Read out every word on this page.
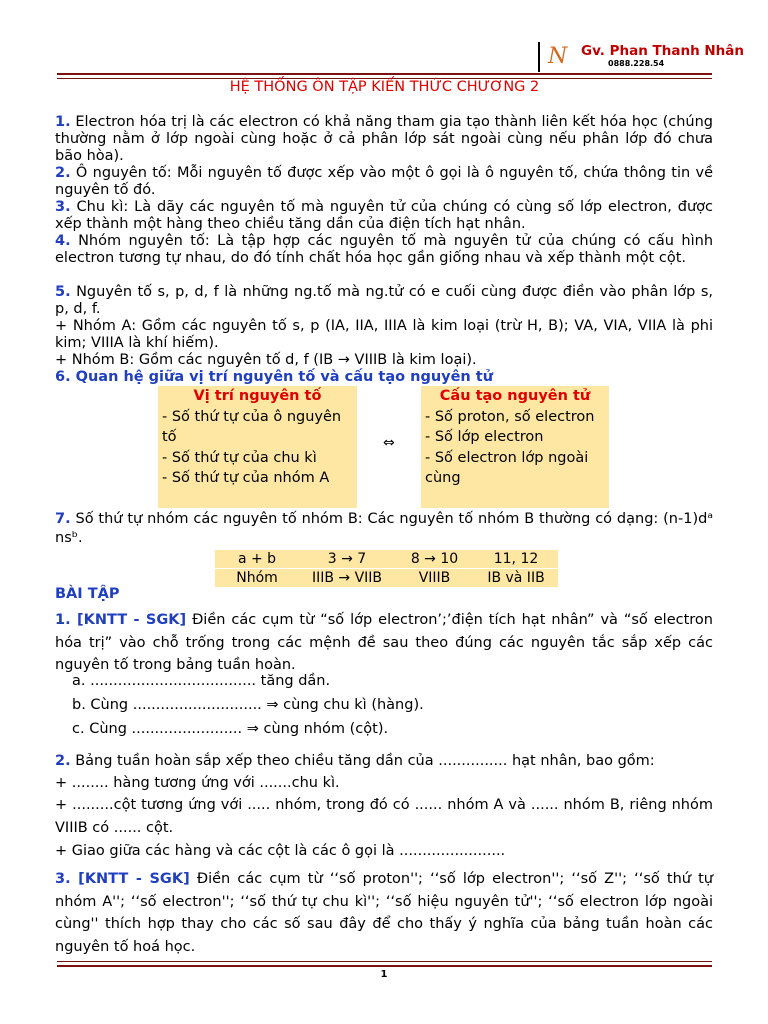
N Gv. Phan Thanh Nhân
0888.228.54
HỆ THỐNG ÔN TẬP KIẾN THỨC CHƯƠNG 2
1. Electron hóa trị là các electron có khả năng tham gia tạo thành liên kết hóa học (chúng thường nằm ở lớp ngoài cùng hoặc ở cả phân lớp sát ngoài cùng nếu phân lớp đó chưa bão hòa).
2. Ô nguyên tố: Mỗi nguyên tố được xếp vào một ô gọi là ô nguyên tố, chứa thông tin về nguyên tố đó.
3. Chu kì: Là dãy các nguyên tố mà nguyên tử của chúng có cùng số lớp electron, được xếp thành một hàng theo chiều tăng dần của điện tích hạt nhân.
4. Nhóm nguyên tố: Là tập hợp các nguyên tố mà nguyên tử của chúng có cấu hình electron tương tự nhau, do đó tính chất hóa học gần giống nhau và xếp thành một cột.
5. Nguyên tố s, p, d, f là những ng.tố mà ng.tử có e cuối cùng được điền vào phân lớp s, p, d, f.
+ Nhóm A: Gồm các nguyên tố s, p (IA, IIA, IIIA là kim loại (trừ H, B); VA, VIA, VIIA là phi kim; VIIIA là khí hiếm).
+ Nhóm B: Gồm các nguyên tố d, f (IB → VIIIB là kim loại).
6. Quan hệ giữa vị trí nguyên tố và cấu tạo nguyên tử
Vị trí nguyên tố
- Số thứ tự của ô nguyên tố
- Số thứ tự của chu kì
- Số thứ tự của nhóm A
⇔
Cấu tạo nguyên tử
- Số proton, số electron
- Số lớp electron
- Số electron lớp ngoài cùng
7. Số thứ tự nhóm các nguyên tố nhóm B: Các nguyên tố nhóm B thường có dạng: (n-1)dᵃ nsᵇ.
a + b	3 → 7	8 → 10	11, 12
Nhóm	IIIB → VIIB	VIIIB	IB và IIB
BÀI TẬP
1. [KNTT - SGK] Điền các cụm từ “số lớp electron’;’điện tích hạt nhân” và “số electron hóa trị” vào chỗ trống trong các mệnh đề sau theo đúng các nguyên tắc sắp xếp các nguyên tố trong bảng tuần hoàn.
a. .................................... tăng dần.
b. Cùng ............................ ⇒ cùng chu kì (hàng).
c. Cùng ........................ ⇒ cùng nhóm (cột).
2. Bảng tuần hoàn sắp xếp theo chiều tăng dần của ............... hạt nhân, bao gồm:
+ ........ hàng tương ứng với .......chu kì.
+ .........cột tương ứng với ..... nhóm, trong đó có ...... nhóm A và ...... nhóm B, riêng nhóm VIIIB có ...... cột.
+ Giao giữa các hàng và các cột là các ô gọi là .......................
3. [KNTT - SGK] Điền các cụm từ ‘‘số proton''; ‘‘số lớp electron''; ‘‘số Z''; ‘‘số thứ tự nhóm A''; ‘‘số electron''; ‘‘số thứ tự chu kì''; ‘‘số hiệu nguyên tử''; ‘‘số electron lớp ngoài cùng'' thích hợp thay cho các số sau đây để cho thấy ý nghĩa của bảng tuần hoàn các nguyên tố hoá học.
1
